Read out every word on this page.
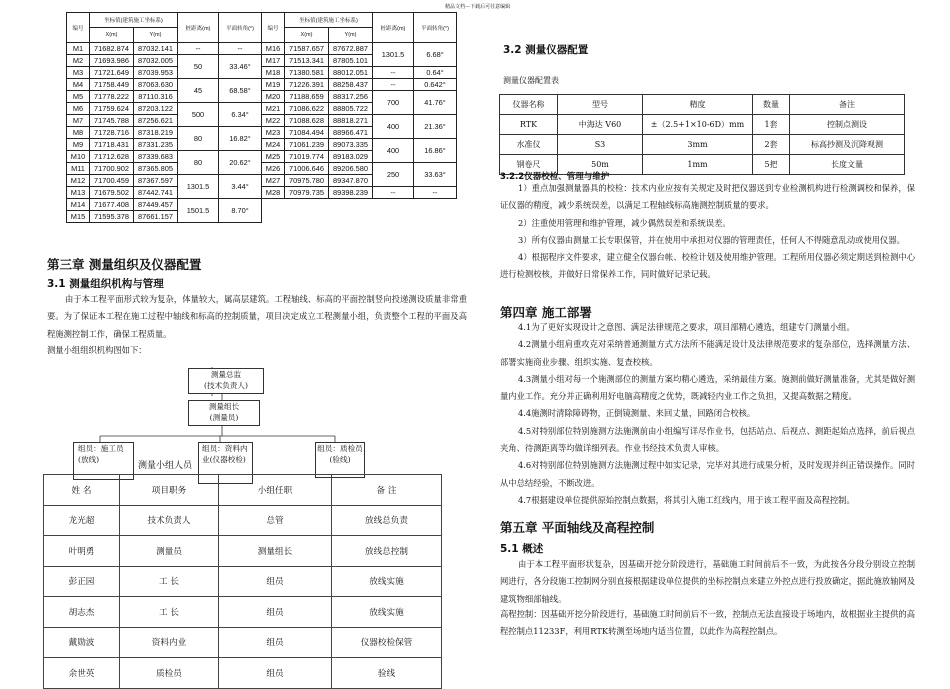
精品文档---下载后可任意编辑
编号	坐标值(建筑施工坐标系)		桩距离(m)	平面转角(°)	编号	坐标值(建筑施工坐标系)		桩距离(m)	平面转角(°)
	X(m)	Y(m)				X(m)	Y(m)		
M1	71682.874	87032.141	--	--	M16	71587.657	87672.887	1301.5	6.68°
M2	71693.986	87032.005	50	33.46°	M17	71513.341	87805.101		
M3	71721.649	87039.953			M18	71380.581	88012.051	--	0.64°
M4	71758.449	87063.630	45	68.58°	M19	71226.391	88258.437	--	0.642°
M5	71778.222	87110.316			M20	71188.659	88317.256	700	41.76°
M6	71759.624	87203.122	500	6.34°	M21	71086.622	88805.722		
M7	71745.788	87256.621			M22	71088.628	88818.271	400	21.36°
M8	71728.716	87318.219	80	16.82°	M23	71084.494	88966.471		
M9	71718.431	87331.235			M24	71061.239	89073.335	400	16.86°
M10	71712.628	87339.683	80	20.62°	M25	71019.774	89183.029		
M11	71700.902	87365.805			M26	71006.646	89206.580	250	33.63°
M12	71700.459	87367.597	1301.5	3.44°	M27	70975.780	89347.870		
M13	71679.502	87442.741			M28	70979.735	89398.239	--	--
M14	71677.408	87449.457	1501.5	8.70°					
M15	71595.378	87661.157							
第三章 测量组织及仪器配置
3.1 测量组织机构与管理
由于本工程平面形式较为复杂，体量较大，属高层建筑。工程轴线、标高的平面控制竖向投递测设质量非常重要。为了保证本工程在施工过程中轴线和标高的控制质量，项目决定成立工程测量小组，负责整个工程的平面及高程施测控制工作，确保工程质量。
测量小组组织机构图如下：
测量总监
(技术负责人)
测量组长
(测量员)
组员：施工员(放线)
组员：资料内业(仪器校检)
组员：质检员(验线)
测量小组人员
姓 名	项目职务	小组任职	备 注
龙光超	技术负责人	总管	放线总负责
叶明勇	测量员	测量组长	放线总控制
彭正园	工 长	组员	放线实施
胡志杰	工 长	组员	放线实施
戴勋波	资料内业	组员	仪器校检保管
余世英	质检员	组员	验线
3.2 测量仪器配置
测量仪器配置表
仪器名称	型号	精度	数量	备注
RTK	中海达 V60	±（2.5+1×10-6D）mm	1套	控制点测设
水准仪	S3	3mm	2套	标高抄测及沉降观测
钢卷尺	50m	1mm	5把	长度文量
3.2.2仪器校检、管理与维护
1）重点加强测量器具的校检：技术内业应按有关规定及时把仪器送到专业检测机构进行检测调校和保养，保证仪器的精度，减少系统误差，以满足工程轴线标高施测控制质量的要求。
2）注重使用管理和维护管理，减少偶然误差和系统误差。
3）所有仪器由测量工长专职保管，并在使用中承担对仪器的管理责任，任何人不得随意乱动或使用仪器。
4）根据程序文件要求，建立健全仪器台帐、校检计划及使用维护管理。工程所用仪器必须定期送到检测中心进行检测校核，并做好日常保养工作，同时做好记录记载。
第四章 施工部署
4.1为了更好实现设计之意图、满足法律规范之要求，项目部精心遴选，组建专门测量小组。
4.2测量小组肩重攻克对采纳普通测量方式方法所不能满足设计及法律规范要求的复杂部位，选择测量方法、部署实施商业步骤、组织实施、复查校核。
4.3测量小组对每一个施测部位的测量方案均精心遴选，采纳最佳方案。施测前做好测量准备，尤其是做好测量内业工作。充分并正确利用好电脑高精度之优势，既减轻内业工作之负担，又提高数据之精度。
4.4施测时清除障碍物，正倒镜测量、来回丈量，回路闭合校核。
4.5对特别部位特别施测方法施测前由小组编写详尽作业书，包括站点、后视点、测距起始点选择，前后视点夹角、待测距离等均做详细列表。作业书经技术负责人审核。
4.6对特别部位特别施测方法施测过程中如实记录，完毕对其进行成果分析，及时发现并纠正错误操作。同时从中总结经验，不断改进。
4.7根据建设单位提供原始控制点数据，将其引入施工红线内，用于该工程平面及高程控制。
第五章 平面轴线及高程控制
5.1 概述
由于本工程平面形状复杂，因基础开挖分阶段进行，基础施工时间前后不一致，为此按各分段分别设立控制网进行，各分段施工控制网分别直接根据建设单位提供的坐标控制点来建立外控点进行投放确定，据此施放轴网及建筑物细部轴线。
高程控制：因基础开挖分阶段进行，基础施工时间前后不一致，控制点无法直接设于场地内，故根据业主提供的高程控制点11233F，利用RTK转测至场地内适当位置，以此作为高程控制点。
